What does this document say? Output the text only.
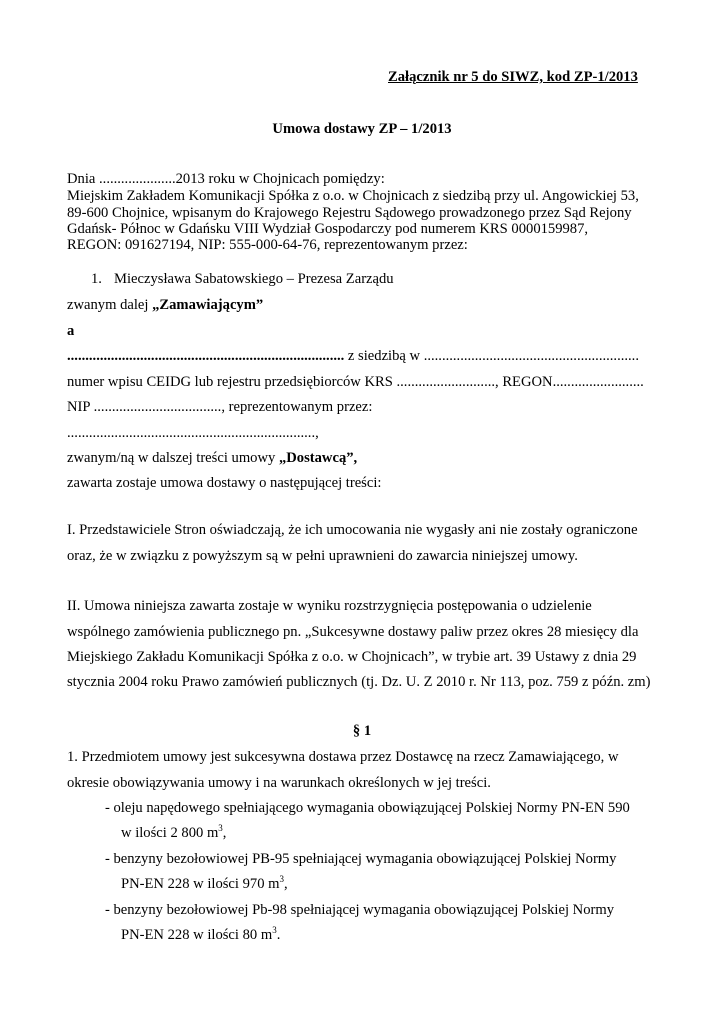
Załącznik nr 5 do SIWZ, kod ZP-1/2013
Umowa dostawy ZP – 1/2013
Dnia .....................2013 roku w Chojnicach pomiędzy:
Miejskim Zakładem Komunikacji Spółka z o.o. w Chojnicach z siedzibą przy ul. Angowickiej 53,
89-600 Chojnice, wpisanym do Krajowego Rejestru Sądowego prowadzonego przez Sąd Rejony
Gdańsk- Północ w Gdańsku VIII Wydział Gospodarczy pod numerem KRS 0000159987,
REGON: 091627194, NIP: 555-000-64-76, reprezentowanym przez:
1. Mieczysława Sabatowskiego – Prezesa Zarządu
zwanym dalej „Zamawiającym”
a
............................................................................ z siedzibą w ...........................................................
numer wpisu CEIDG lub rejestru przedsiębiorców KRS ..........................., REGON.........................
NIP ..................................., reprezentowanym przez:
....................................................................,
zwanym/ną w dalszej treści umowy „Dostawcą”,
zawarta zostaje umowa dostawy o następującej treści:
I. Przedstawiciele Stron oświadczają, że ich umocowania nie wygasły ani nie zostały ograniczone
oraz, że w związku z powyższym są w pełni uprawnieni do zawarcia niniejszej umowy.
II. Umowa niniejsza zawarta zostaje w wyniku rozstrzygnięcia postępowania o udzielenie
wspólnego zamówienia publicznego pn. „Sukcesywne dostawy paliw przez okres 28 miesięcy dla
Miejskiego Zakładu Komunikacji Spółka z o.o. w Chojnicach”, w trybie art. 39 Ustawy z dnia 29
stycznia 2004 roku Prawo zamówień publicznych (tj. Dz. U. Z 2010 r. Nr 113, poz. 759 z późn. zm)
§ 1
1. Przedmiotem umowy jest sukcesywna dostawa przez Dostawcę na rzecz Zamawiającego, w
okresie obowiązywania umowy i na warunkach określonych w jej treści.
- oleju napędowego spełniającego wymagania obowiązującej Polskiej Normy PN-EN 590
w ilości 2 800 $m^3$,
- benzyny bezołowiowej PB-95 spełniającej wymagania obowiązującej Polskiej Normy
PN-EN 228 w ilości 970 $m^3$,
- benzyny bezołowiowej Pb-98 spełniającej wymagania obowiązującej Polskiej Normy
PN-EN 228 w ilości 80 $m^3$.
